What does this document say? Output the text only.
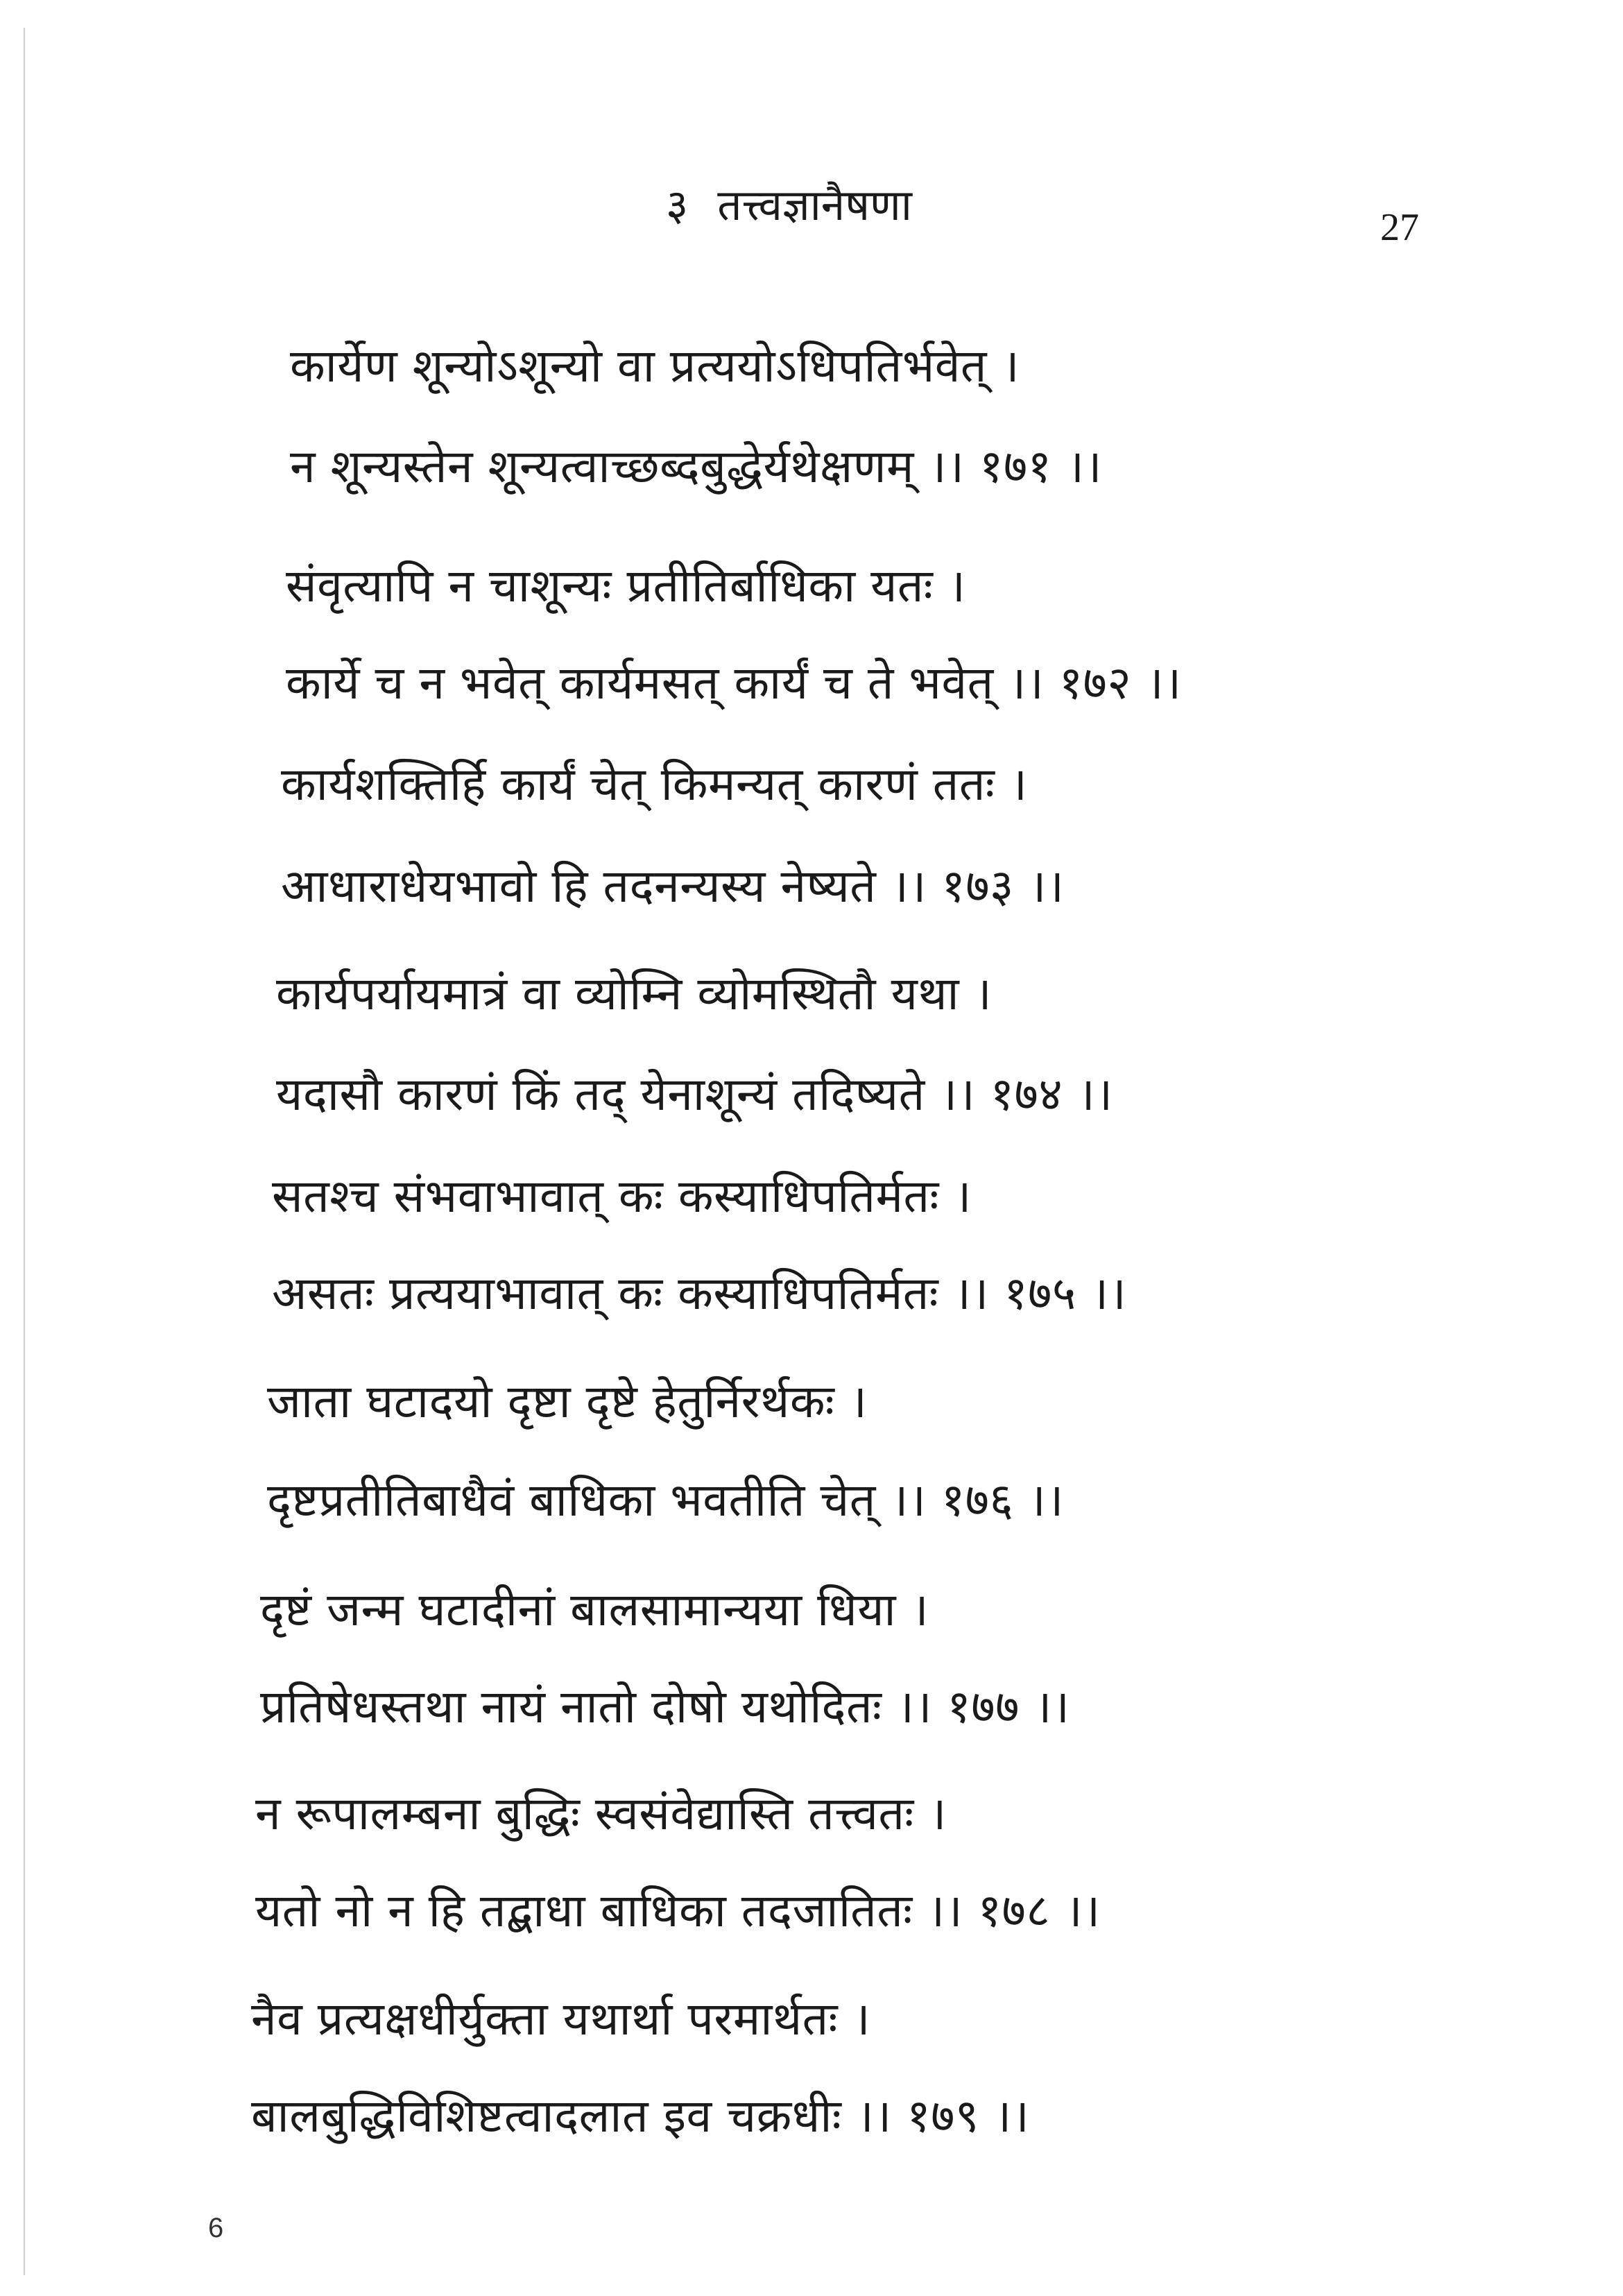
३ तत्त्वज्ञानैषणा	27
कार्येण शून्योऽशून्यो वा प्रत्ययोऽधिपतिर्भवेत् ।
न शून्यस्तेन शून्यत्वाच्छब्दबुद्धेर्यथेक्षणम् ।। १७१ ।।
संवृत्यापि न चाशून्यः प्रतीतिर्बाधिका यतः ।
कार्ये च न भवेत् कार्यमसत् कार्यं च ते भवेत् ।। १७२ ।।
कार्यशक्तिर्हि कार्यं चेत् किमन्यत् कारणं ततः ।
आधाराधेयभावो हि तदनन्यस्य नेष्यते ।। १७३ ।।
कार्यपर्यायमात्रं वा व्योम्नि व्योमस्थितौ यथा ।
यदासौ कारणं किं तद् येनाशून्यं तदिष्यते ।। १७४ ।।
सतश्च संभवाभावात् कः कस्याधिपतिर्मतः ।
असतः प्रत्ययाभावात् कः कस्याधिपतिर्मतः ।। १७५ ।।
जाता घटादयो दृष्टा दृष्टे हेतुर्निरर्थकः ।
दृष्टप्रतीतिबाधैवं बाधिका भवतीति चेत् ।। १७६ ।।
दृष्टं जन्म घटादीनां बालसामान्यया धिया ।
प्रतिषेधस्तथा नायं नातो दोषो यथोदितः ।। १७७ ।।
न रूपालम्बना बुद्धिः स्वसंवेद्यास्ति तत्त्वतः ।
यतो नो न हि तद्बाधा बाधिका तदजातितः ।। १७८ ।।
नैव प्रत्यक्षधीर्युक्ता यथार्था परमार्थतः ।
बालबुद्धिविशिष्टत्वादलात इव चक्रधीः ।। १७९ ।।
6
